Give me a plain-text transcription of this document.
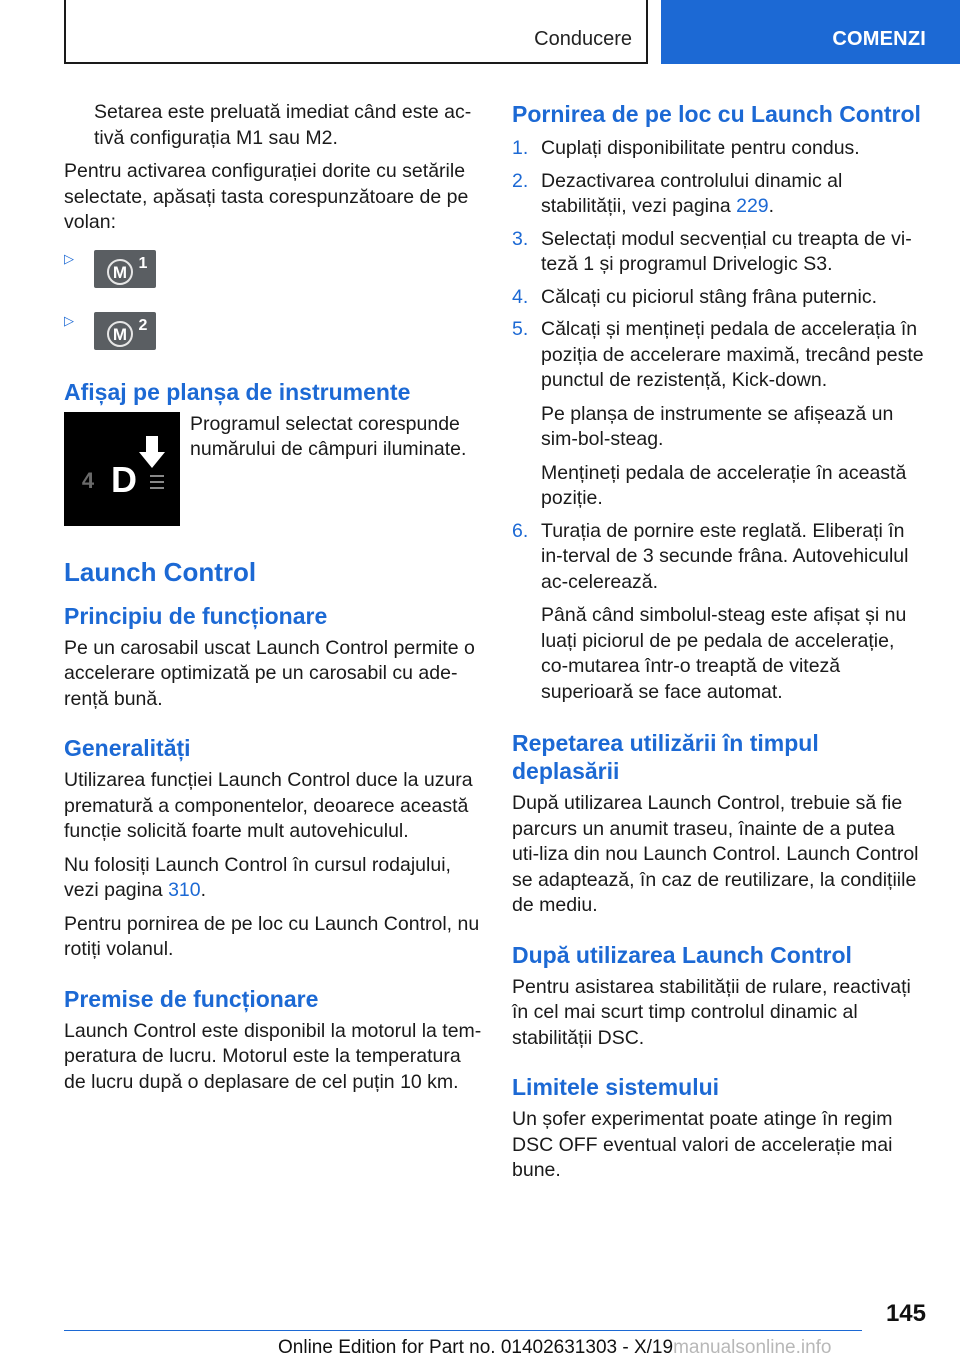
Conducere	COMENZI

Setarea este preluată imediat când este ac-tivă configurația M1 sau M2.

Pentru activarea configurației dorite cu setările selectate, apăsați tasta corespunzătoare de pe volan:

▷
M 1
▷
M 2
Afișaj pe planșa de instrumente
4 D

Programul selectat corespunde numărului de câmpuri iluminate.

Launch Control
Principiu de funcționare

Pe un carosabil uscat Launch Control permite o accelerare optimizată pe un carosabil cu ade-rență bună.

Generalități

Utilizarea funcției Launch Control duce la uzura prematură a componentelor, deoarece această funcție solicită foarte mult autovehiculul.

Nu folosiți Launch Control în cursul rodajului, vezi pagina 310.

Pentru pornirea de pe loc cu Launch Control, nu rotiți volanul.

Premise de funcționare

Launch Control este disponibil la motorul la tem-peratura de lucru. Motorul este la temperatura de lucru după o deplasare de cel puțin 10 km.

Pornirea de pe loc cu Launch Control
1. Cuplați disponibilitate pentru condus.

2. Dezactivarea controlului dinamic al stabilității, vezi pagina 229.

3. Selectați modul secvențial cu treapta de vi-teză 1 și programul Drivelogic S3.

4. Călcați cu piciorul stâng frâna puternic.

5. Călcați și mențineți pedala de accelerația în poziția de accelerare maximă, trecând peste punctul de rezistență, Kick-down.

Pe planșa de instrumente se afișează un sim-bol-steag.

Mențineți pedala de accelerație în această poziție.

6. Turația de pornire este reglată. Eliberați în in-terval de 3 secunde frâna. Autovehiculul ac-celerează.

Până când simbolul-steag este afișat și nu luați piciorul de pe pedala de accelerație, co-mutarea într-o treaptă de viteză superioară se face automat.

Repetarea utilizării în timpul deplasării

După utilizarea Launch Control, trebuie să fie parcurs un anumit traseu, înainte de a putea uti-liza din nou Launch Control. Launch Control se adaptează, în caz de reutilizare, la condițiile de mediu.

După utilizarea Launch Control

Pentru asistarea stabilității de rulare, reactivați în cel mai scurt timp controlul dinamic al stabilității DSC.

Limitele sistemului

Un șofer experimentat poate atinge în regim DSC OFF eventual valori de accelerație mai bune.

145
Online Edition for Part no. 01402631303 - X/19manualsonline.info
